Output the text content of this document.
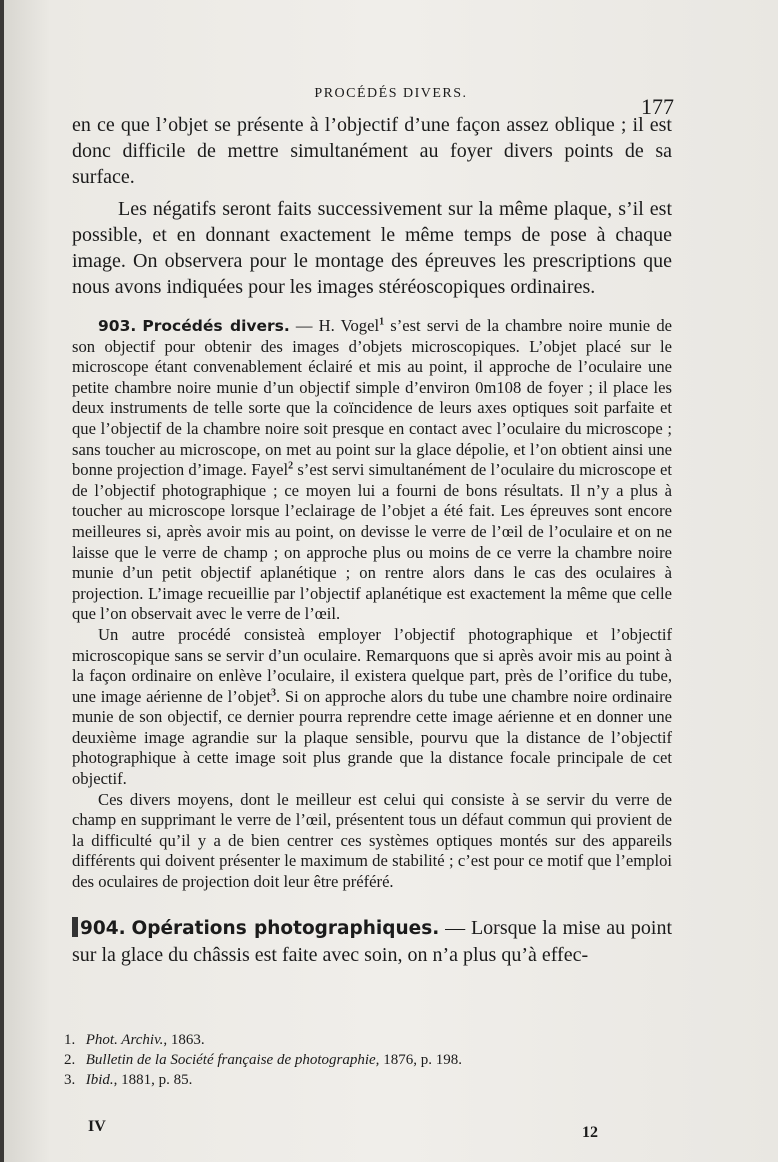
PROCÉDÉS DIVERS.
177

en ce que l’objet se présente à l’objectif d’une façon assez oblique ; il est donc difficile de mettre simultanément au foyer divers points de sa surface.

Les négatifs seront faits successivement sur la même plaque, s’il est possible, et en donnant exactement le même temps de pose à chaque image. On observera pour le montage des épreuves les prescriptions que nous avons indiquées pour les images stéréoscopiques ordinaires.

903. Procédés divers. — H. Vogel$^1$ s’est servi de la chambre noire munie de son objectif pour obtenir des images d’objets microscopiques. L’objet placé sur le microscope étant convenablement éclairé et mis au point, il approche de l’oculaire une petite chambre noire munie d’un objectif simple d’environ 0m108 de foyer ; il place les deux instruments de telle sorte que la coïncidence de leurs axes optiques soit parfaite et que l’objectif de la chambre noire soit presque en contact avec l’oculaire du microscope ; sans toucher au microscope, on met au point sur la glace dépolie, et l’on obtient ainsi une bonne projection d’image. Fayel$^2$ s’est servi simultanément de l’oculaire du microscope et de l’objectif photographique ; ce moyen lui a fourni de bons résultats. Il n’y a plus à toucher au microscope lorsque l’eclairage de l’objet a été fait. Les épreuves sont encore meilleures si, après avoir mis au point, on devisse le verre de l’œil de l’oculaire et on ne laisse que le verre de champ ; on approche plus ou moins de ce verre la chambre noire munie d’un petit objectif aplanétique ; on rentre alors dans le cas des oculaires à projection. L’image recueillie par l’objectif aplanétique est exactement la même que celle que l’on observait avec le verre de l’œil.

Un autre procédé consisteà employer l’objectif photographique et l’objectif microscopique sans se servir d’un oculaire. Remarquons que si après avoir mis au point à la façon ordinaire on enlève l’oculaire, il existera quelque part, près de l’orifice du tube, une image aérienne de l’objet$^3$. Si on approche alors du tube une chambre noire ordinaire munie de son objectif, ce dernier pourra reprendre cette image aérienne et en donner une deuxième image agrandie sur la plaque sensible, pourvu que la distance de l’objectif photographique à cette image soit plus grande que la distance focale principale de cet objectif.

Ces divers moyens, dont le meilleur est celui qui consiste à se servir du verre de champ en supprimant le verre de l’œil, présentent tous un défaut commun qui provient de la difficulté qu’il y a de bien centrer ces systèmes optiques montés sur des appareils différents qui doivent présenter le maximum de stabilité ; c’est pour ce motif que l’emploi des oculaires de projection doit leur être préféré.

904. Opérations photographiques. — Lorsque la mise au point sur la glace du châssis est faite avec soin, on n’a plus qu’à effec-

1. Phot. Archiv., 1863.

2. Bulletin de la Société française de photographie, 1876, p. 198.

3. Ibid., 1881, p. 85.

IV	12
